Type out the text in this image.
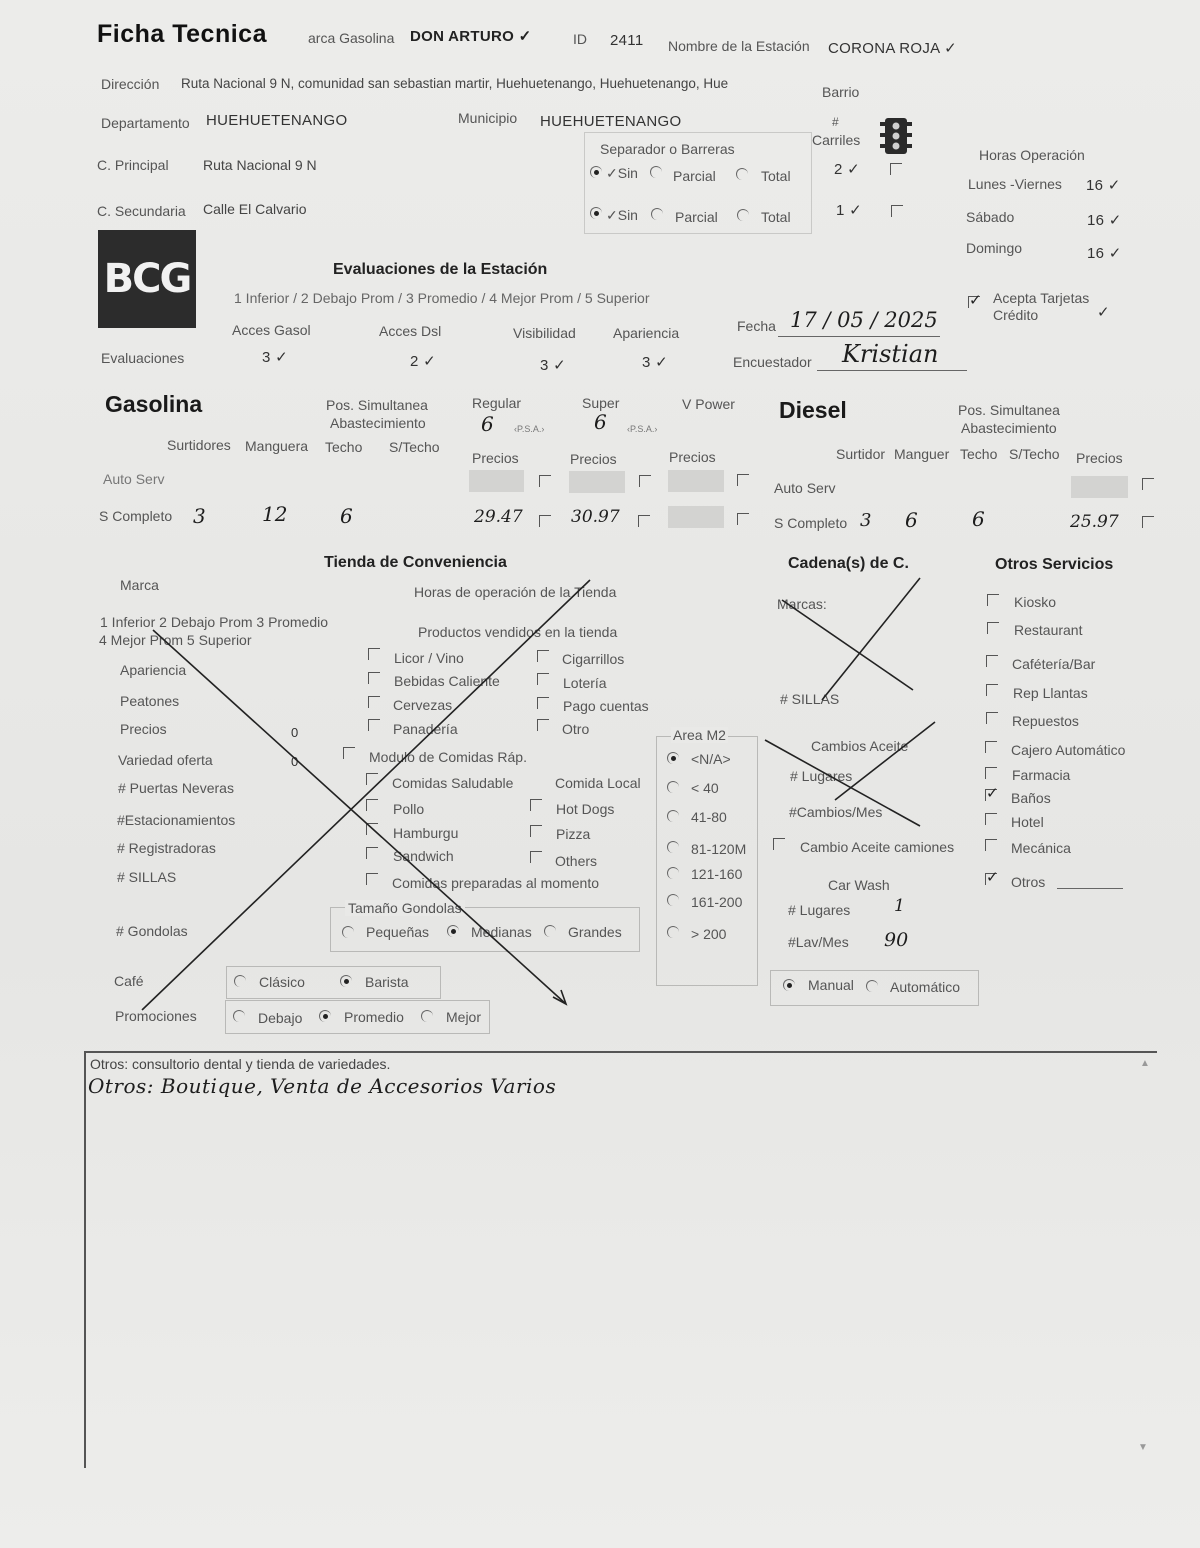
Ficha Tecnica	arca Gasolina DON ARTURO ✓	ID 2411 Nombre de la Estación CORONA ROJA ✓
Dirección Ruta Nacional 9 N, comunidad san sebastian martir, Huehuetenango, Huehuetenango, Hue
Barrio
Departamento HUEHUETENANGO	Municipio HUEHUETENANGO
C. Principal Ruta Nacional 9 N
C. Secundaria Calle El Calvario
Separador o Barreras
✓Sin	Parcial	Total
✓Sin	Parcial	Total
#
Carriles
2 ✓
1 ✓
Horas Operación
Lunes -Viernes 16 ✓
Sábado	16 ✓
Domingo	16 ✓
BCG	Evaluaciones de la Estación
1 Inferior / 2 Debajo Prom / 3 Promedio / 4 Mejor Prom / 5 Superior
Acces Gasol	Acces Dsl	Visibilidad	Apariencia
Evaluaciones	3 ✓	2 ✓	3 ✓	3 ✓
Fecha 17 / 05 / 2025
Encuestador Kristian
✓
Acepta Tarjetas
Crédito	✓
Gasolina	Pos. Simultanea
Abastecimiento
Regular
6 ‹P.S.A.›
Super
6 ‹P.S.A.›
V Power
Surtidores Manguera Techo S/Techo
Precios	Precios	Precios
Auto Serv
S Completo 3	12	6	29.47	30.97
Diesel	Pos. Simultanea
Abastecimiento
Surtidor Manguer Techo S/Techo Precios
Auto Serv
S Completo 3 6	6	25.97
Tienda de Conveniencia
Marca	Horas de operación de la Tienda
1 Inferior 2 Debajo Prom 3 Promedio
4 Mejor Prom 5 Superior	Productos vendidos en la tienda
Apariencia
Peatones
Precios	0
Variedad oferta	0
# Puertas Neveras
#Estacionamientos
# Registradoras
# SILLAS
# Gondolas
Licor / Vino
Bebidas Caliente
Cervezas
Panadería
Cigarrillos
Lotería
Pago cuentas
Otro
Modulo de Comidas Ráp.
Comidas Saludable	Comida Local
Pollo
Hamburgu
Sandwich
Hot Dogs
Pizza
Others
Comidas preparadas al momento
Tamaño Gondolas
Pequeñas	Medianas	Grandes
Café	Clásico	Barista
Promociones	Debajo	Promedio	Mejor
Area M2
<N/A>
< 40
41-80
81-120M
121-160
161-200
> 200
Cadena(s) de C.
Marcas:
# SILLAS
Cambios Aceite
# Lugares
#Cambios/Mes
Cambio Aceite camiones
Car Wash
# Lugares	1
#Lav/Mes 90
Manual	Automático
Otros Servicios
Kiosko
Restaurant
Cafétería/Bar
Rep Llantas
Repuestos
Cajero Automático
Farmacia
✓
Baños
Hotel
Mecánica
✓
Otros
Otros: consultorio dental y tienda de variedades.
Otros: Boutique, Venta de Accesorios Varios
▲
▼
